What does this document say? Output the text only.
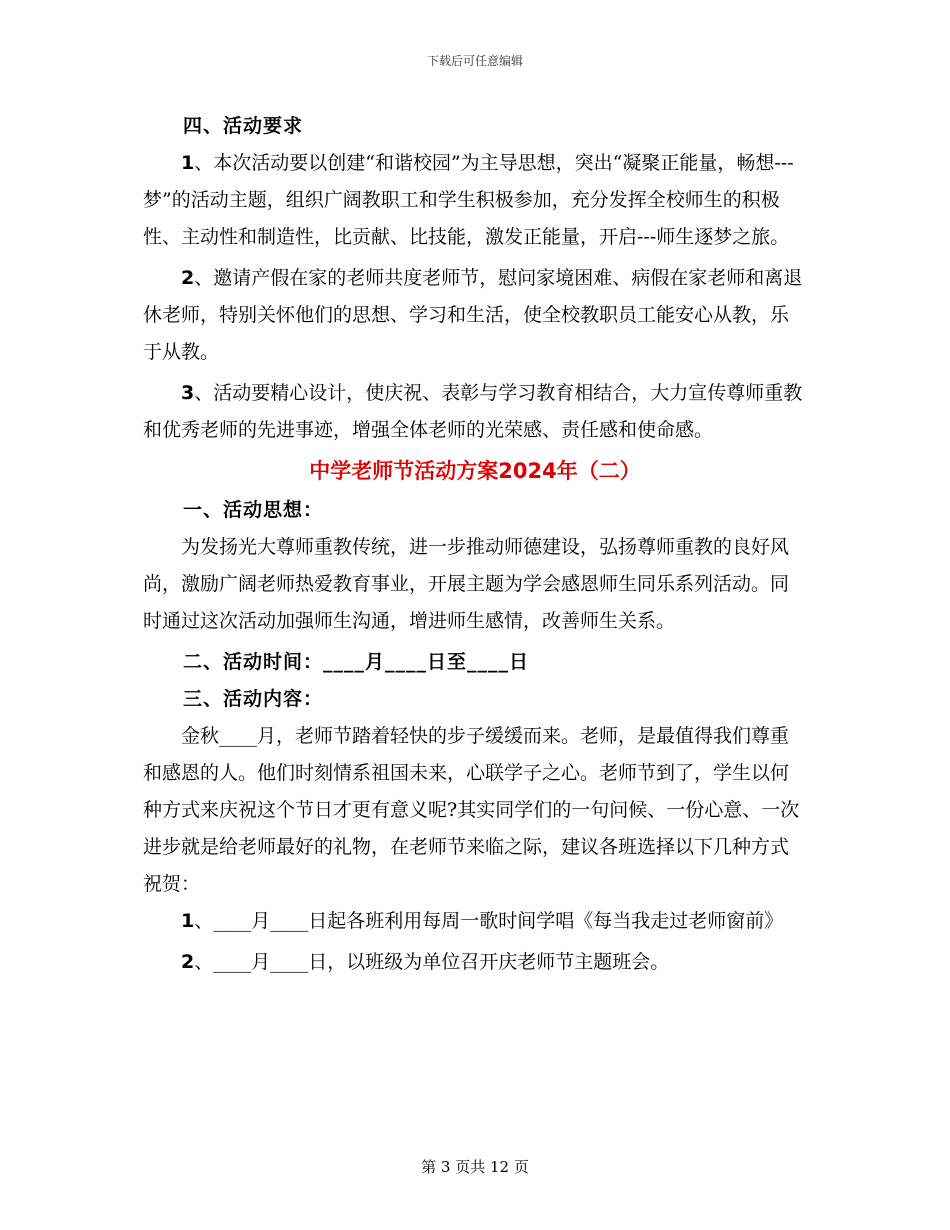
下载后可任意编辑

四、活动要求

1、本次活动要以创建“和谐校园”为主导思想，突出“凝聚正能量，畅想---梦”的活动主题，组织广阔教职工和学生积极参加，充分发挥全校师生的积极性、主动性和制造性，比贡献、比技能，激发正能量，开启---师生逐梦之旅。

2、邀请产假在家的老师共度老师节，慰问家境困难、病假在家老师和离退休老师，特别关怀他们的思想、学习和生活，使全校教职员工能安心从教，乐于从教。

3、活动要精心设计，使庆祝、表彰与学习教育相结合，大力宣传尊师重教和优秀老师的先进事迹，增强全体老师的光荣感、责任感和使命感。

中学老师节活动方案2024年（二）

一、活动思想：

为发扬光大尊师重教传统，进一步推动师德建设，弘扬尊师重教的良好风尚，激励广阔老师热爱教育事业，开展主题为学会感恩师生同乐系列活动。同时通过这次活动加强师生沟通，增进师生感情，改善师生关系。

二、活动时间：____月____日至____日

三、活动内容：

金秋____月，老师节踏着轻快的步子缓缓而来。老师，是最值得我们尊重和感恩的人。他们时刻情系祖国未来，心联学子之心。老师节到了，学生以何种方式来庆祝这个节日才更有意义呢?其实同学们的一句问候、一份心意、一次进步就是给老师最好的礼物，在老师节来临之际，建议各班选择以下几种方式祝贺：

1、____月____日起各班利用每周一歌时间学唱《每当我走过老师窗前》

2、____月____日，以班级为单位召开庆老师节主题班会。

第 3 页共 12 页
